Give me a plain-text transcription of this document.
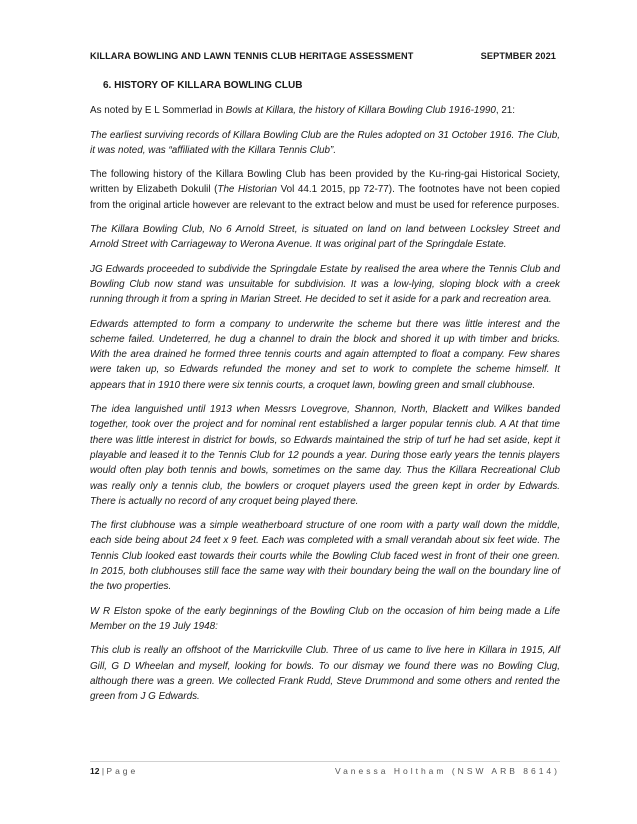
KILLARA BOWLING AND LAWN TENNIS CLUB HERITAGE ASSESSMENT	SEPTMBER 2021
6. HISTORY OF KILLARA BOWLING CLUB

As noted by E L Sommerlad in Bowls at Killara, the history of Killara Bowling Club 1916-1990, 21:

The earliest surviving records of Killara Bowling Club are the Rules adopted on 31 October 1916. The Club, it was noted, was “affiliated with the Killara Tennis Club”.

The following history of the Killara Bowling Club has been provided by the Ku-ring-gai Historical Society, written by Elizabeth Dokulil (The Historian Vol 44.1 2015, pp 72-77). The footnotes have not been copied from the original article however are relevant to the extract below and must be used for reference purposes.

The Killara Bowling Club, No 6 Arnold Street, is situated on land on land between Locksley Street and Arnold Street with Carriageway to Werona Avenue. It was original part of the Springdale Estate.

JG Edwards proceeded to subdivide the Springdale Estate by realised the area where the Tennis Club and Bowling Club now stand was unsuitable for subdivision. It was a low-lying, sloping block with a creek running through it from a spring in Marian Street. He decided to set it aside for a park and recreation area.

Edwards attempted to form a company to underwrite the scheme but there was little interest and the scheme failed. Undeterred, he dug a channel to drain the block and shored it up with timber and bricks. With the area drained he formed three tennis courts and again attempted to float a company. Few shares were taken up, so Edwards refunded the money and set to work to complete the scheme himself. It appears that in 1910 there were six tennis courts, a croquet lawn, bowling green and small clubhouse.

The idea languished until 1913 when Messrs Lovegrove, Shannon, North, Blackett and Wilkes banded together, took over the project and for nominal rent established a larger popular tennis club. A At that time there was little interest in district for bowls, so Edwards maintained the strip of turf he had set aside, kept it playable and leased it to the Tennis Club for 12 pounds a year. During those early years the tennis players would often play both tennis and bowls, sometimes on the same day. Thus the Killara Recreational Club was really only a tennis club, the bowlers or croquet players used the green kept in order by Edwards. There is actually no record of any croquet being played there.

The first clubhouse was a simple weatherboard structure of one room with a party wall down the middle, each side being about 24 feet x 9 feet. Each was completed with a small verandah about six feet wide. The Tennis Club looked east towards their courts while the Bowling Club faced west in front of their one green. In 2015, both clubhouses still face the same way with their boundary being the wall on the boundary line of the two properties.

W R Elston spoke of the early beginnings of the Bowling Club on the occasion of him being made a Life Member on the 19 July 1948:

This club is really an offshoot of the Marrickville Club. Three of us came to live here in Killara in 1915, Alf Gill, G D Wheelan and myself, looking for bowls. To our dismay we found there was no Bowling Clug, although there was a green. We collected Frank Rudd, Steve Drummond and some others and rented the green from J G Edwards.

12 | Page	Vanessa Holtham (NSW ARB 8614)
